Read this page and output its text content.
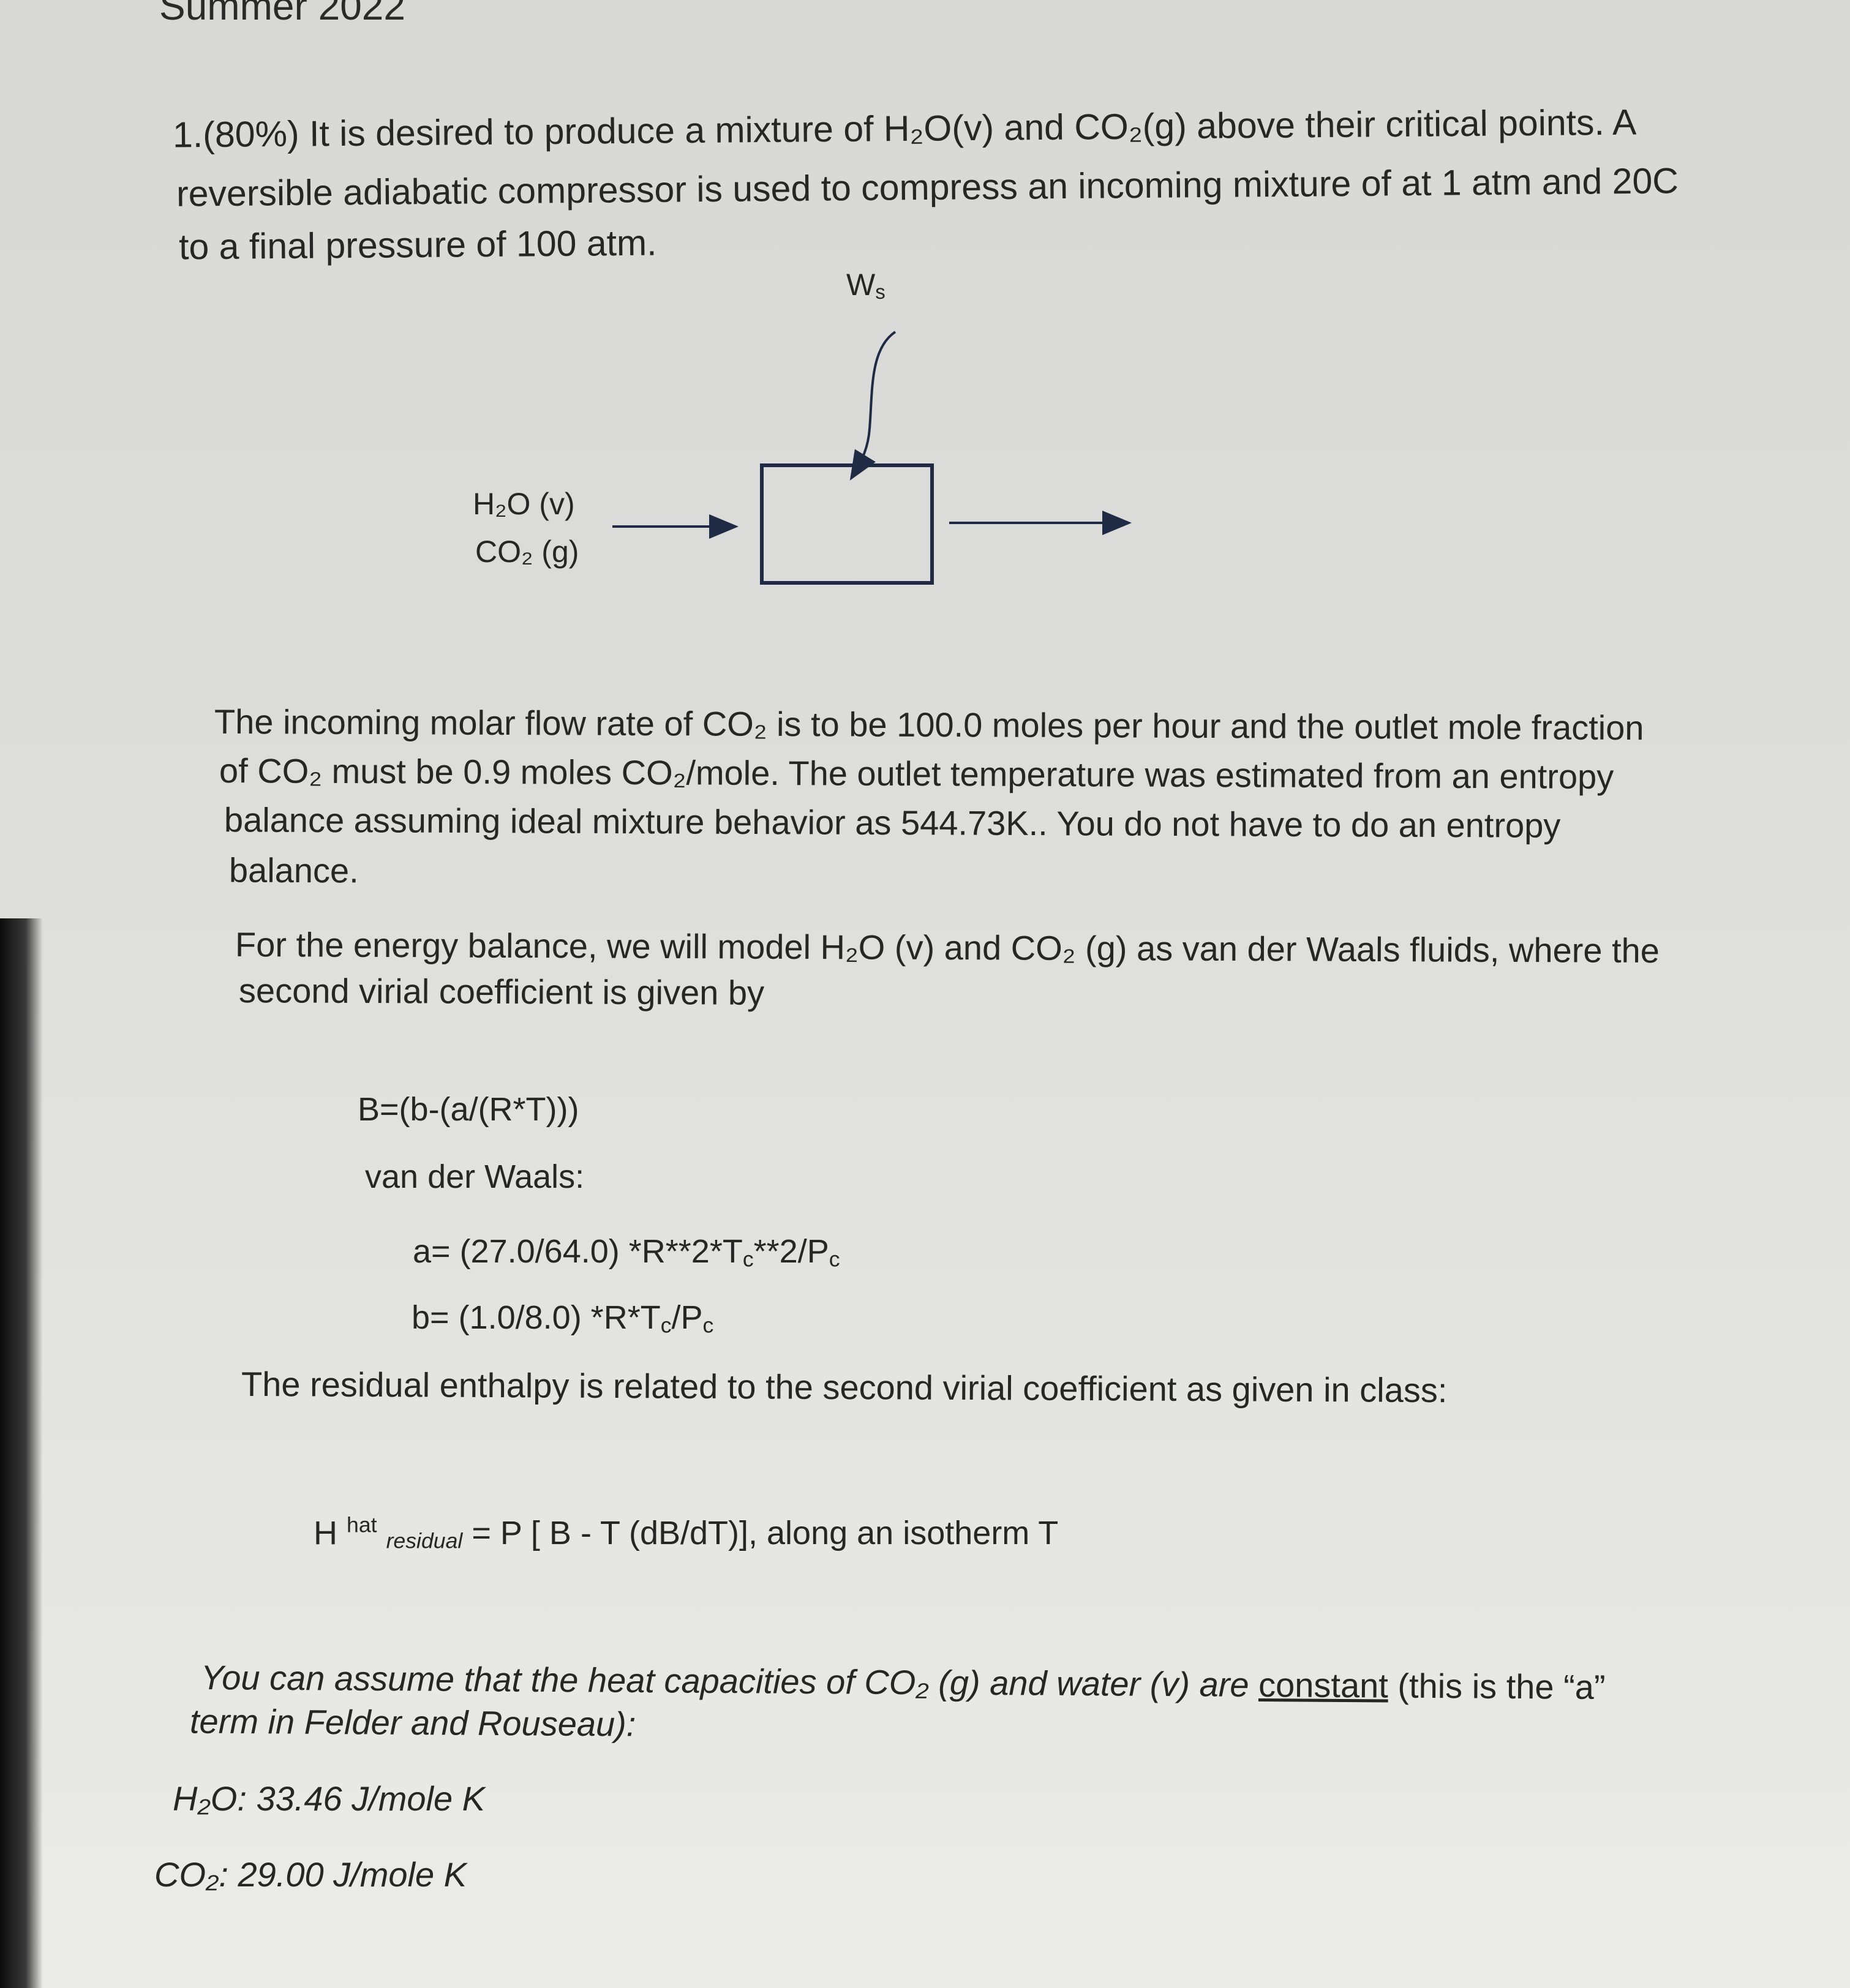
1.(80%) It is desired to produce a mixture of H₂O(v) and CO₂(g) above their critical points. A
reversible adiabatic compressor is used to compress an incoming mixture of at 1 atm and 20C
to a final pressure of 100 atm.
$W_s$
H₂O (v)
CO₂ (g)
The incoming molar flow rate of CO₂ is to be 100.0 moles per hour and the outlet mole fraction
of CO₂ must be 0.9 moles CO₂/mole. The outlet temperature was estimated from an entropy
balance assuming ideal mixture behavior as 544.73K.. You do not have to do an entropy
balance.
For the energy balance, we will model H₂O (v) and CO₂ (g) as van der Waals fluids, where the
second virial coefficient is given by
B=(b-(a/(R*T)))
van der Waals:
a= (27.0/64.0) $*R**2*T_c**2/P_c$
b= (1.0/8.0) $*R*T_c/P_c$
The residual enthalpy is related to the second virial coefficient as given in class:
H $^{hat}$ $_{residual}$ = P [ B - T (dB/dT)], along an isotherm T
You can assume that the heat capacities of CO₂ (g) and water (v) are constant (this is the “a”
term in Felder and Rouseau):
H₂O: 33.46 J/mole K
CO₂: 29.00 J/mole K
